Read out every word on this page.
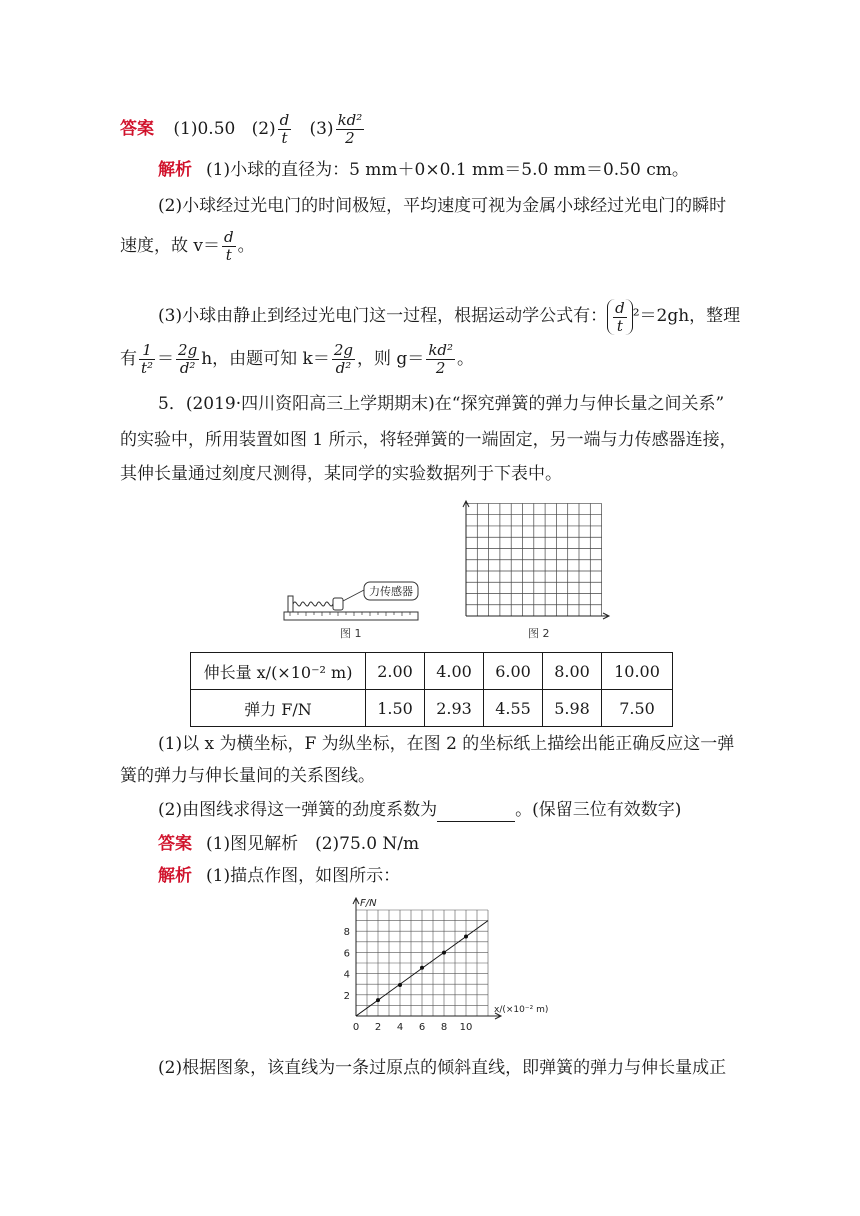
答案 (1)0.50 $(2) \frac{d}{t} (3) \frac{\text{kd²}}{2}$
解析 (1)小球的直径为：5 mm＋0×0.1 mm＝5.0 mm＝0.50 cm。
(2)小球经过光电门的时间极短，平均速度可视为金属小球经过光电门的瞬时
速度，故 $v= \frac{d}{t}$ 。
(3)小球由静止到经过光电门这一过程，根据运动学公式有： $\frac{d}{t} ^2=2gh$，整理
有 $\frac{1}{\text{t²}} = \frac{2g}{\text{d²}}$ h，由题可知 $k= \frac{2g}{\text{d²}}$ ，则 $g= \frac{\text{kd²}}{2}$ 。
5．(2019·四川资阳高三上学期期末)在“探究弹簧的弹力与伸长量之间关系”
的实验中，所用装置如图 1 所示，将轻弹簧的一端固定，另一端与力传感器连接，
其伸长量通过刻度尺测得，某同学的实验数据列于下表中。
力传感器
图 1	图 2
伸长量 x/(×10⁻² m)	2.00	4.00	6.00	8.00	10.00
弹力 F/N	1.50	2.93	4.55	5.98	7.50
(1)以 x 为横坐标，F 为纵坐标，在图 2 的坐标纸上描绘出能正确反应这一弹
簧的弹力与伸长量间的关系图线。
(2)由图线求得这一弹簧的劲度系数为	。(保留三位有效数字)
答案 (1)图见解析　(2)75.0 N/m
解析 (1)描点作图，如图所示：
0 2 4 6 8 10
2
4
6
8
F/N
x/(×10⁻² m)
(2)根据图象，该直线为一条过原点的倾斜直线，即弹簧的弹力与伸长量成正
